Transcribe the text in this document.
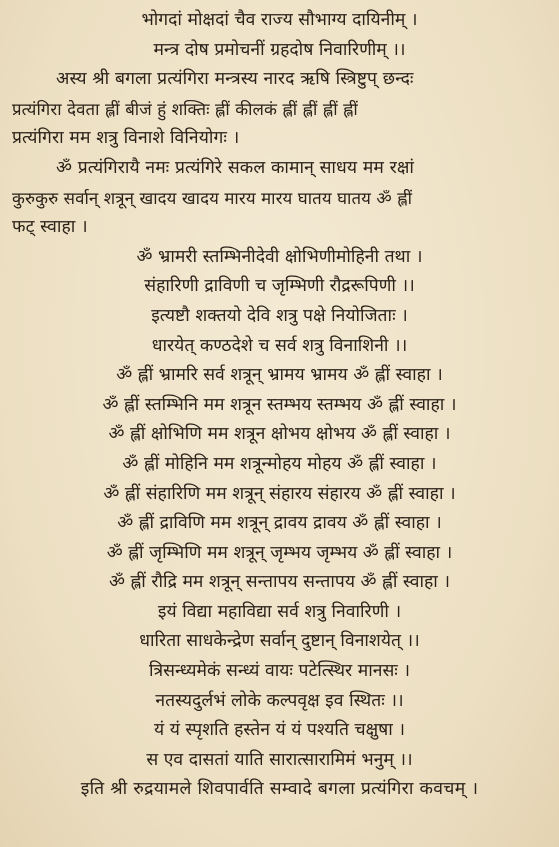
भोगदां मोक्षदां चैव राज्य सौभाग्य दायिनीम् ।
मन्त्र दोष प्रमोचनीं ग्रहदोष निवारिणीम् ।।
अस्य श्री बगला प्रत्यंगिरा मन्त्रस्य नारद ऋषि स्त्रिष्टुप् छन्दः
प्रत्यंगिरा देवता ह्लीं बीजं हुं शक्तिः ह्लीं कीलकं ह्लीं ह्लीं ह्लीं ह्लीं
प्रत्यंगिरा मम शत्रु विनाशे विनियोगः ।
ॐ प्रत्यंगिरायै नमः प्रत्यंगिरे सकल कामान् साधय मम रक्षां
कुरुकुरु सर्वान् शत्रून् खादय खादय मारय मारय घातय घातय ॐ ह्लीं
फट् स्वाहा ।
ॐ भ्रामरी स्तम्भिनीदेवी क्षोभिणीमोहिनी तथा ।
संहारिणी द्राविणी च जृम्भिणी रौद्ररूपिणी ।।
इत्यष्टौ शक्तयो देवि शत्रु पक्षे नियोजिताः ।
धारयेत् कण्ठदेशे च सर्व शत्रु विनाशिनी ।।
ॐ ह्लीं भ्रामरि सर्व शत्रून् भ्रामय भ्रामय ॐ ह्लीं स्वाहा ।
ॐ ह्लीं स्तम्भिनि मम शत्रून स्तम्भय स्तम्भय ॐ ह्लीं स्वाहा ।
ॐ ह्लीं क्षोभिणि मम शत्रून क्षोभय क्षोभय ॐ ह्लीं स्वाहा ।
ॐ ह्लीं मोहिनि मम शत्रून्मोहय मोहय ॐ ह्लीं स्वाहा ।
ॐ ह्लीं संहारिणि मम शत्रून् संहारय संहारय ॐ ह्लीं स्वाहा ।
ॐ ह्लीं द्राविणि मम शत्रून् द्रावय द्रावय ॐ ह्लीं स्वाहा ।
ॐ ह्लीं जृम्भिणि मम शत्रून् जृम्भय जृम्भय ॐ ह्लीं स्वाहा ।
ॐ ह्लीं रौद्रि मम शत्रून् सन्तापय सन्तापय ॐ ह्लीं स्वाहा ।
इयं विद्या महाविद्या सर्व शत्रु निवारिणी ।
धारिता साधकेन्द्रेण सर्वान् दुष्टान् विनाशयेत् ।।
त्रिसन्ध्यमेकं सन्ध्यं वायः पटेत्स्थिर मानसः ।
नतस्यदुर्लभं लोके कल्पवृक्ष इव स्थितः ।।
यं यं स्पृशति हस्तेन यं यं पश्यति चक्षुषा ।
स एव दासतां याति सारात्सारामिमं भनुम् ।।
इति श्री रुद्रयामले शिवपार्वति सम्वादे बगला प्रत्यंगिरा कवचम् ।
